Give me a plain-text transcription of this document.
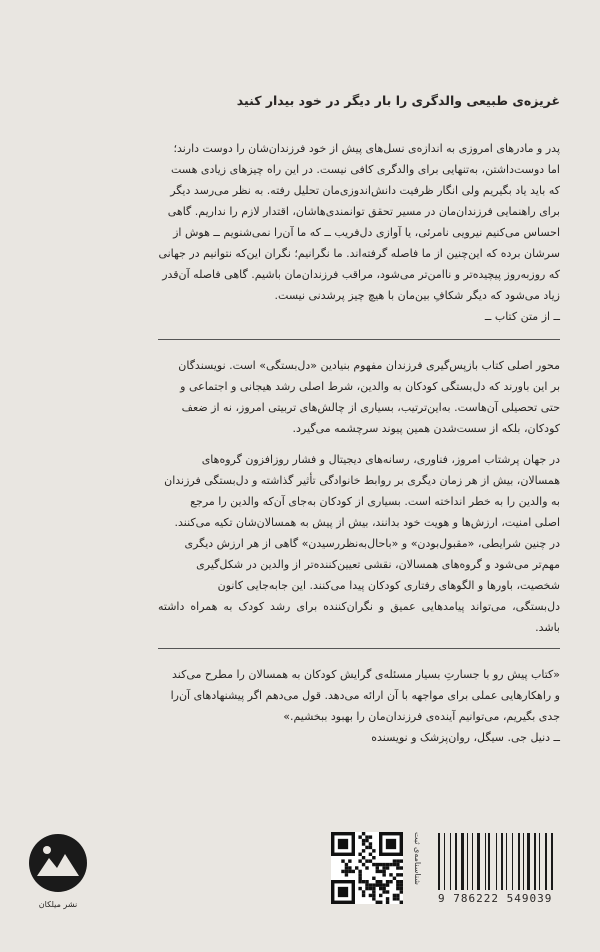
غریزه‌ی طبیعی والدگری را بار دیگر در خود بیدار کنید
پدر و مادرهای امروزی به اندازه‌ی نسل‌های پیش از خود فرزندان‌شان را دوست دارند؛
اما دوست‌داشتن، به‌تنهایی برای والدگری کافی نیست. در این راه چیزهای زیادی هست
که باید یاد بگیریم ولی انگار ظرفیت دانش‌اندوزی‌مان تحلیل رفته. به نظر می‌رسد دیگر
برای راهنمایی فرزندان‌مان در مسیر تحقق توانمندی‌هاشان، اقتدار لازم را نداریم. گاهی
احساس می‌کنیم نیرویی نامرئی، یا آوازی دل‌فریب ــ که ما آن‌را نمی‌شنویم ــ هوش از
سرشان برده که این‌چنین از ما فاصله گرفته‌اند. ما نگرانیم؛ نگران این‌که نتوانیم در جهانی
که روزبه‌روز پیچیده‌تر و ناامن‌تر می‌شود، مراقب فرزندان‌مان باشیم. گاهی فاصله آن‌قدر
زیاد می‌شود که دیگر شکافِ بین‌مان با هیچ چیز پرشدنی نیست.
ــ از متن کتاب ــ
محور اصلی کتاب بازپس‌گیری فرزندان مفهوم بنیادین «دل‌بستگی» است. نویسندگان
بر این باورند که دل‌بستگی کودکان به والدین، شرط اصلی رشد هیجانی و اجتماعی و
حتی تحصیلی آن‌هاست. به‌این‌ترتیب، بسیاری از چالش‌های تربیتی امروز، نه از ضعف
کودکان، بلکه از سست‌شدن همین پیوند سرچشمه می‌گیرد.
در جهان پرشتاب امروز، فناوری، رسانه‌های دیجیتال و فشار روزافزون گروه‌های
همسالان، بیش از هر زمان دیگری بر روابط خانوادگی تأثیر گذاشته و دل‌بستگی فرزندان
به والدین را به خطر انداخته است. بسیاری از کودکان به‌جای آن‌که والدین را مرجع
اصلی امنیت، ارزش‌ها و هویت خود بدانند، بیش از پیش به همسالان‌شان تکیه می‌کنند.
در چنین شرایطی، «مقبول‌بودن» و «باحال‌به‌نظررسیدن» گاهی از هر ارزش دیگری
مهم‌تر می‌شود و گروه‌های همسالان، نقشی تعیین‌کننده‌تر از والدین در شکل‌گیری
شخصیت، باورها و الگوهای رفتاری کودکان پیدا می‌کنند. این جابه‌جایی کانون
دل‌بستگی، می‌تواند پیامدهایی عمیق و نگران‌کننده برای رشد کودک به همراه داشته باشد.
«کتاب پیش رو با جسارتِ بسیار مسئله‌ی گرایش کودکان به همسالان را مطرح می‌کند
و راهکارهایی عملی برای مواجهه با آن ارائه می‌دهد. قول می‌دهم اگر پیشنهادهای آن‌را
جدی بگیریم، می‌توانیم آینده‌ی فرزندان‌مان را بهبود ببخشیم.»
ــ دنیل جی. سیگل، روان‌پزشک و نویسنده
نشر میلکان
شناسنامه‌ی ثبت
9 786222 549039
